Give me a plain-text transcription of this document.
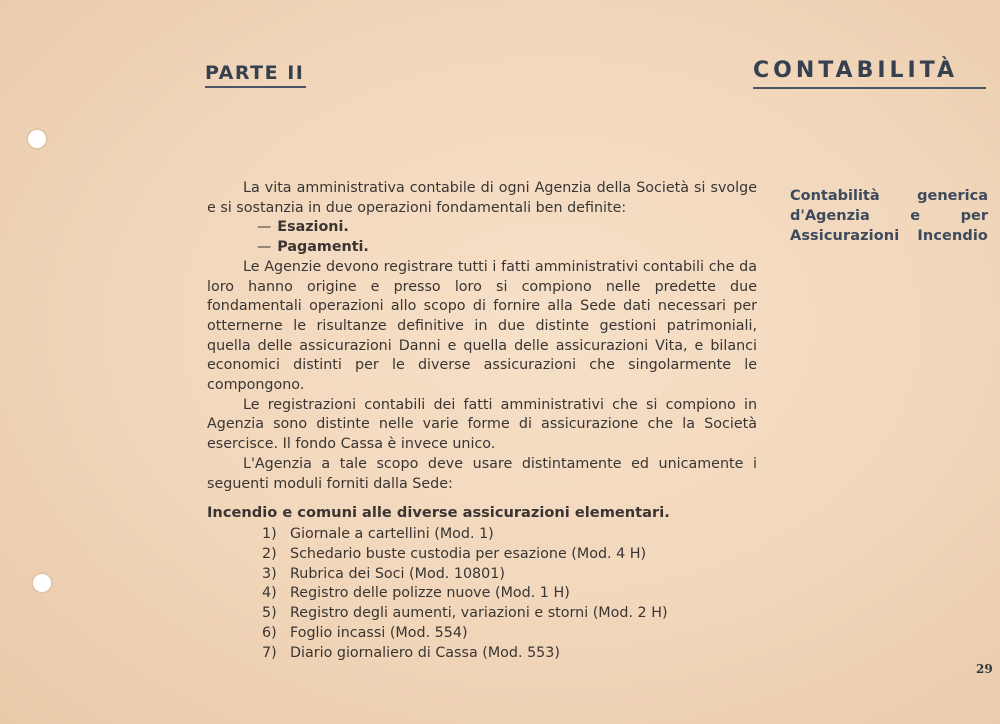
PARTE II	CONTABILITÀ
Contabilità generica
d'Agenzia e per
Assicurazioni Incendio

La vita amministrativa contabile di ogni Agenzia della Società si svolge e si sostanzia in due operazioni fondamentali ben definite:

— Esazioni.

— Pagamenti.

Le Agenzie devono registrare tutti i fatti amministrativi contabili che da loro hanno origine e presso loro si compiono nelle predette due fondamentali operazioni allo scopo di fornire alla Sede dati necessari per otternerne le risultanze definitive in due distinte gestioni patrimoniali, quella delle assicurazioni Danni e quella delle assicurazioni Vita, e bilanci economici distinti per le diverse assicurazioni che singolarmente le compongono.

Le registrazioni contabili dei fatti amministrativi che si compiono in Agenzia sono distinte nelle varie forme di assicurazione che la Società esercisce. Il fondo Cassa è invece unico.

L'Agenzia a tale scopo deve usare distintamente ed unicamente i seguenti moduli forniti dalla Sede:

Incendio e comuni alle diverse assicurazioni elementari.

1) Giornale a cartellini (Mod. 1)
2) Schedario buste custodia per esazione (Mod. 4 H)
3) Rubrica dei Soci (Mod. 10801)
4) Registro delle polizze nuove (Mod. 1 H)
5) Registro degli aumenti, variazioni e storni (Mod. 2 H)
6) Foglio incassi (Mod. 554)
7) Diario giornaliero di Cassa (Mod. 553)
29
